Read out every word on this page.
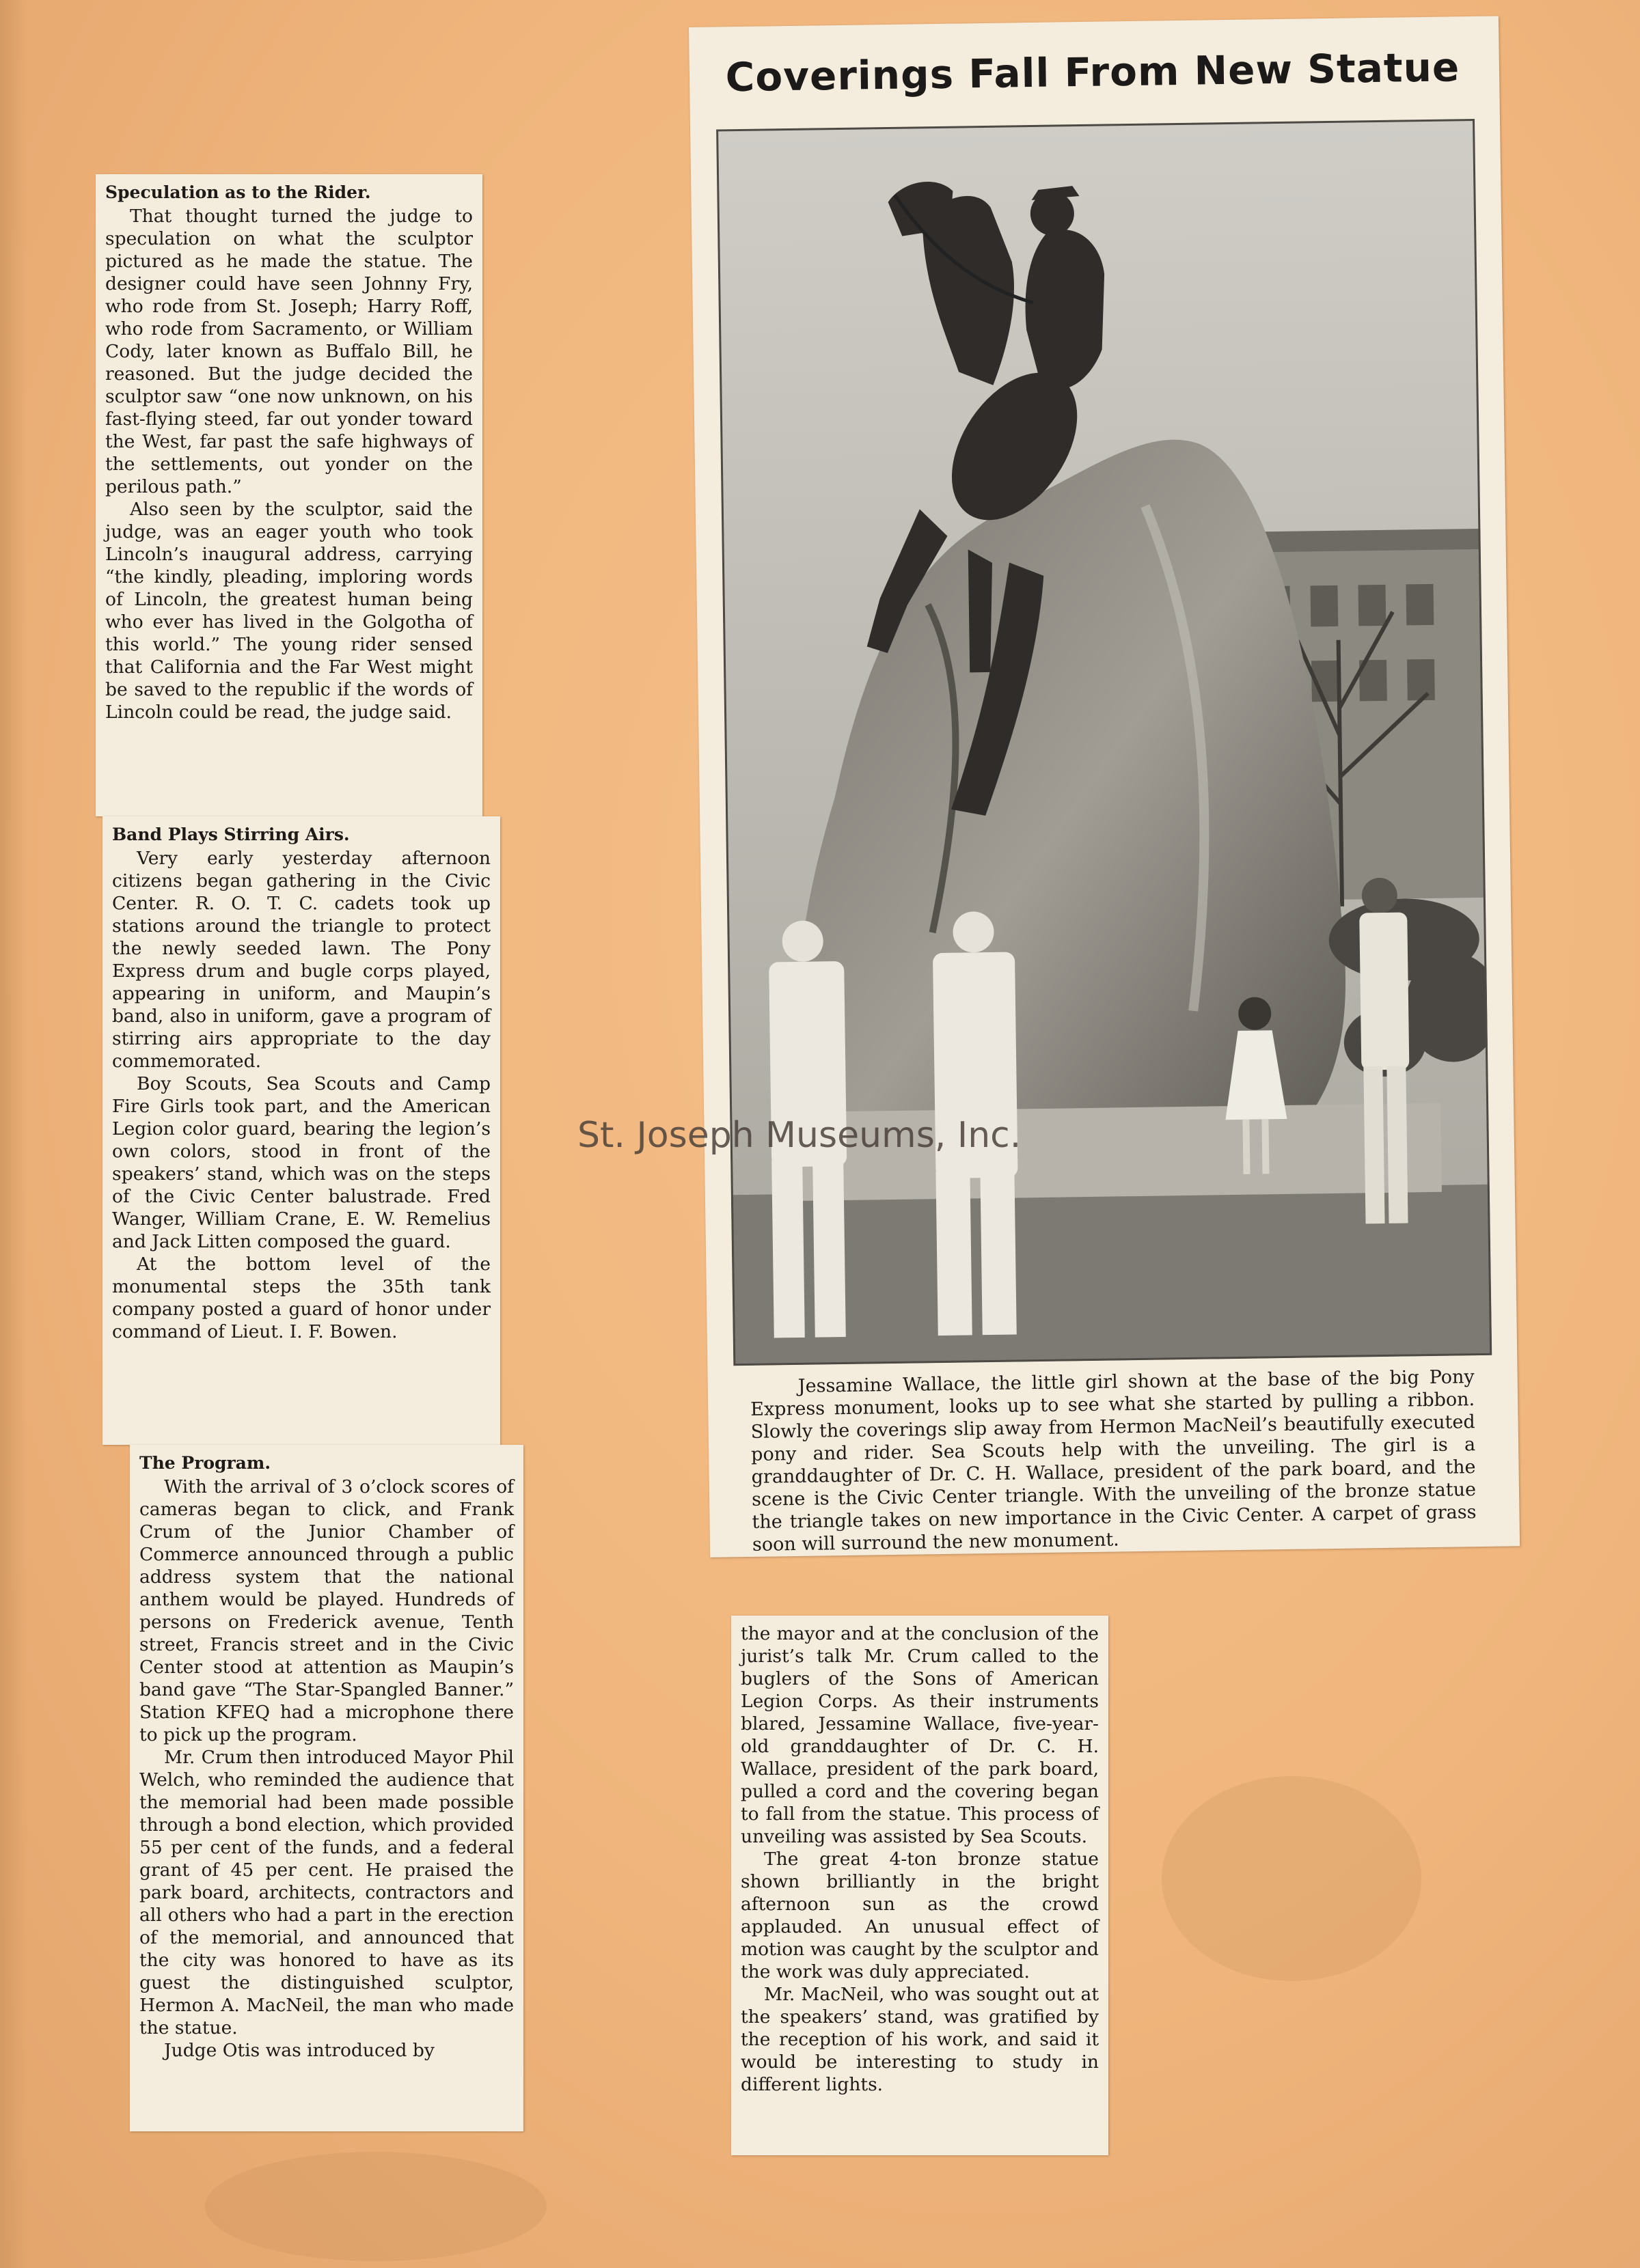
Speculation as to the Rider.

That thought turned the judge to speculation on what the sculptor pictured as he made the statue. The designer could have seen Johnny Fry, who rode from St. Joseph; Harry Roff, who rode from Sacramento, or William Cody, later known as Buffalo Bill, he reasoned. But the judge decided the sculptor saw “one now unknown, on his fast-flying steed, far out yonder toward the West, far past the safe highways of the settlements, out yonder on the perilous path.”

Also seen by the sculptor, said the judge, was an eager youth who took Lincoln’s inaugural address, carrying “the kindly, pleading, imploring words of Lincoln, the greatest human being who ever has lived in the Golgotha of this world.” The young rider sensed that California and the Far West might be saved to the republic if the words of Lincoln could be read, the judge said.

Band Plays Stirring Airs.

Very early yesterday afternoon citizens began gathering in the Civic Center. R. O. T. C. cadets took up stations around the triangle to protect the newly seeded lawn. The Pony Express drum and bugle corps played, appearing in uniform, and Maupin’s band, also in uniform, gave a program of stirring airs appropriate to the day commemorated.

Boy Scouts, Sea Scouts and Camp Fire Girls took part, and the American Legion color guard, bearing the legion’s own colors, stood in front of the speakers’ stand, which was on the steps of the Civic Center balustrade. Fred Wanger, William Crane, E. W. Remelius and Jack Litten composed the guard.

At the bottom level of the monumental steps the 35th tank company posted a guard of honor under command of Lieut. I. F. Bowen.

The Program.

With the arrival of 3 o’clock scores of cameras began to click, and Frank Crum of the Junior Chamber of Commerce announced through a public address system that the national anthem would be played. Hundreds of persons on Frederick avenue, Tenth street, Francis street and in the Civic Center stood at attention as Maupin’s band gave “The Star-Spangled Banner.” Station KFEQ had a microphone there to pick up the program.

Mr. Crum then introduced Mayor Phil Welch, who reminded the audience that the memorial had been made possible through a bond election, which provided 55 per cent of the funds, and a federal grant of 45 per cent. He praised the park board, architects, contractors and all others who had a part in the erection of the memorial, and announced that the city was honored to have as its guest the distinguished sculptor, Hermon A. MacNeil, the man who made the statue.

Judge Otis was introduced by

Coverings Fall From New Statue

Jessamine Wallace, the little girl shown at the base of the big Pony Express monument, looks up to see what she started by pulling a ribbon. Slowly the coverings slip away from Hermon MacNeil’s beautifully executed pony and rider. Sea Scouts help with the unveiling. The girl is a granddaughter of Dr. C. H. Wallace, president of the park board, and the scene is the Civic Center triangle. With the unveiling of the bronze statue the triangle takes on new importance in the Civic Center. A carpet of grass soon will surround the new monument.

the mayor and at the conclusion of the jurist’s talk Mr. Crum called to the buglers of the Sons of American Legion Corps. As their instruments blared, Jessamine Wallace, five-year-old granddaughter of Dr. C. H. Wallace, president of the park board, pulled a cord and the covering began to fall from the statue. This process of unveiling was assisted by Sea Scouts.

The great 4-ton bronze statue shown brilliantly in the bright afternoon sun as the crowd applauded. An unusual effect of motion was caught by the sculptor and the work was duly appreciated.

Mr. MacNeil, who was sought out at the speakers’ stand, was gratified by the reception of his work, and said it would be interesting to study in different lights.

St. Joseph Museums, Inc.
